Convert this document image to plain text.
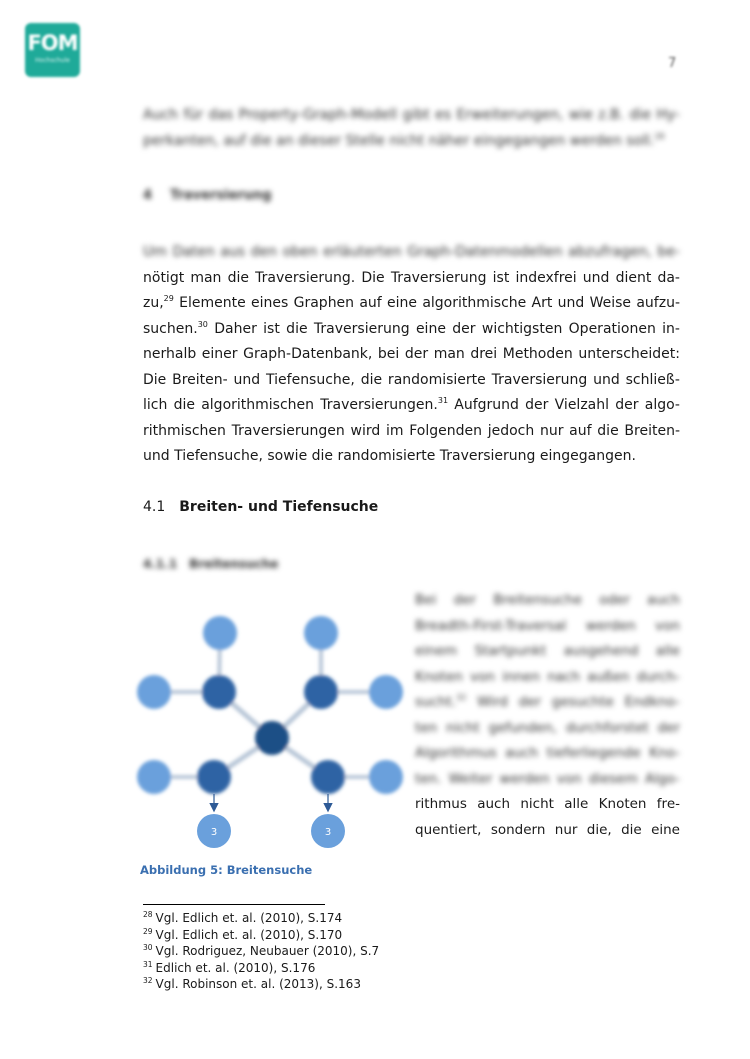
FOM
Hochschule	7
Auch für das Property-Graph-Modell gibt es Erweiterungen, wie z.B. die Hy-
perkanten, auf die an dieser Stelle nicht näher eingegangen werden soll.$^{28}$
4 Traversierung
Um Daten aus den oben erläuterten Graph-Datenmodellen abzufragen, be-
nötigt man die Traversierung. Die Traversierung ist indexfrei und dient da-
zu,$^{29}$ Elemente eines Graphen auf eine algorithmische Art und Weise aufzu-
suchen.$^{30}$ Daher ist die Traversierung eine der wichtigsten Operationen in-
nerhalb einer Graph-Datenbank, bei der man drei Methoden unterscheidet:
Die Breiten- und Tiefensuche, die randomisierte Traversierung und schließ-
lich die algorithmischen Traversierungen.$^{31}$ Aufgrund der Vielzahl der algo-
rithmischen Traversierungen wird im Folgenden jedoch nur auf die Breiten-
und Tiefensuche, sowie die randomisierte Traversierung eingegangen.
4.1 Breiten- und Tiefensuche
4.1.1 Breitensuche
Bei der Breitensuche oder auch
Breadth-First-Traversal werden von
einem Startpunkt ausgehend alle
Knoten von innen nach außen durch-
sucht.$^{32}$ Wird der gesuchte Endkno-
ten nicht gefunden, durchforstet der
Algorithmus auch tieferliegende Kno-
ten. Weiter werden von diesem Algo-
rithmus auch nicht alle Knoten fre-
quentiert, sondern nur die, die eine
3	3
Abbildung 5: Breitensuche
$^{28}$ Vgl. Edlich et. al. (2010), S.174
$^{29}$ Vgl. Edlich et. al. (2010), S.170
$^{30}$ Vgl. Rodriguez, Neubauer (2010), S.7
$^{31}$ Edlich et. al. (2010), S.176
$^{32}$ Vgl. Robinson et. al. (2013), S.163
